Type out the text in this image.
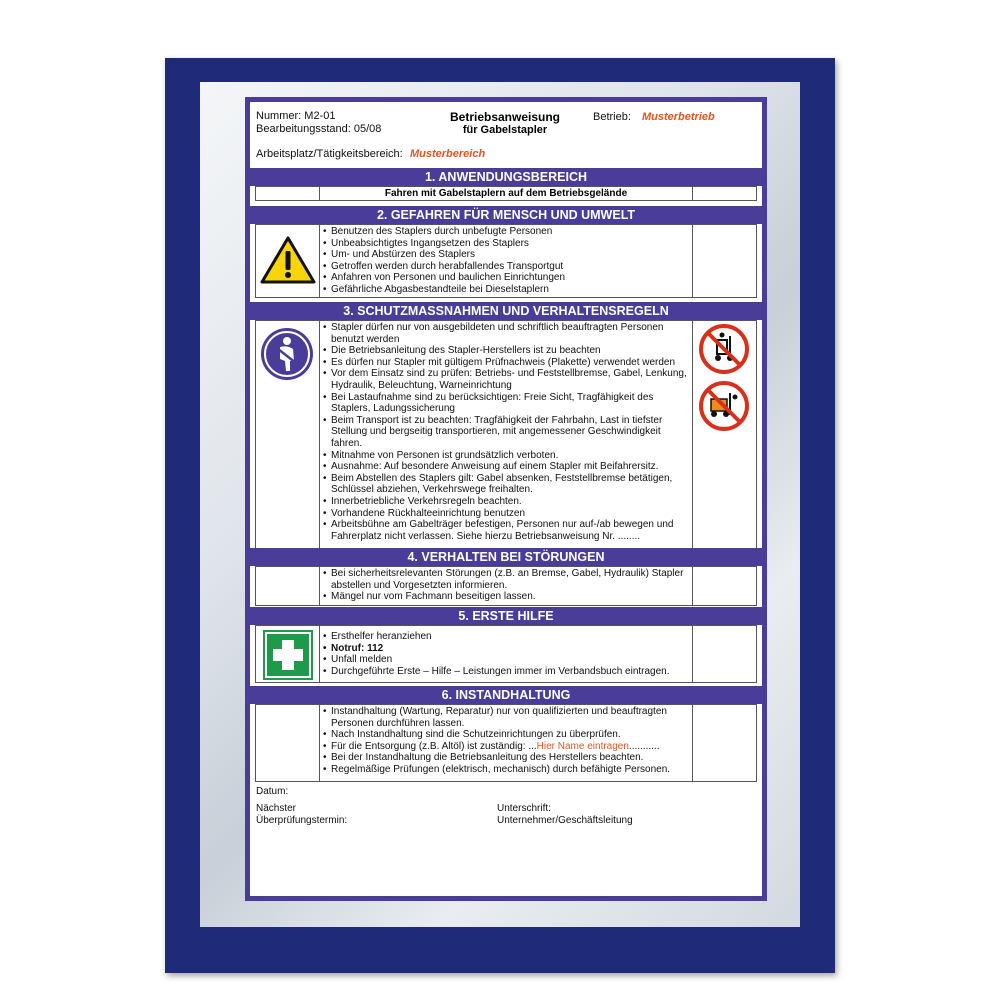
Nummer: M2-01
Bearbeitungsstand: 05/08
Betriebsanweisung
für Gabelstapler
Betrieb: Musterbetrieb
Arbeitsplatz/Tätigkeitsbereich: Musterbereich
1. ANWENDUNGSBEREICH
Fahren mit Gabelstaplern auf dem Betriebsgelände
2. GEFAHREN FÜR MENSCH UND UMWELT
• Benutzen des Staplers durch unbefugte Personen
• Unbeabsichtigtes Ingangsetzen des Staplers
• Um- und Abstürzen des Staplers
• Getroffen werden durch herabfallendes Transportgut
• Anfahren von Personen und baulichen Einrichtungen
• Gefährliche Abgasbestandteile bei Dieselstaplern
3. SCHUTZMASSNAHMEN UND VERHALTENSREGELN
• Stapler dürfen nur von ausgebildeten und schriftlich beauftragten Personen benutzt werden
• Die Betriebsanleitung des Stapler-Herstellers ist zu beachten
• Es dürfen nur Stapler mit gültigem Prüfnachweis (Plakette) verwendet werden
• Vor dem Einsatz sind zu prüfen: Betriebs- und Feststellbremse, Gabel, Lenkung, Hydraulik, Beleuchtung, Warneinrichtung
• Bei Lastaufnahme sind zu berücksichtigen: Freie Sicht, Tragfähigkeit des Staplers, Ladungssicherung
• Beim Transport ist zu beachten: Tragfähigkeit der Fahrbahn, Last in tiefster Stellung und bergseitig transportieren, mit angemessener Geschwindigkeit fahren.
• Mitnahme von Personen ist grundsätzlich verboten.
• Ausnahme: Auf besondere Anweisung auf einem Stapler mit Beifahrersitz.
• Beim Abstellen des Staplers gilt: Gabel absenken, Feststellbremse betätigen, Schlüssel abziehen, Verkehrswege freihalten.
• Innerbetriebliche Verkehrsregeln beachten.
• Vorhandene Rückhalteeinrichtung benutzen
• Arbeitsbühne am Gabelträger befestigen, Personen nur auf-/ab bewegen und Fahrerplatz nicht verlassen. Siehe hierzu Betriebsanweisung Nr. ........
4. VERHALTEN BEI STÖRUNGEN
• Bei sicherheitsrelevanten Störungen (z.B. an Bremse, Gabel, Hydraulik) Stapler abstellen und Vorgesetzten informieren.
• Mängel nur vom Fachmann beseitigen lassen.
5. ERSTE HILFE
• Ersthelfer heranziehen
• Notruf: 112
• Unfall melden
• Durchgeführte Erste – Hilfe – Leistungen immer im Verbandsbuch eintragen.
6. INSTANDHALTUNG
• Instandhaltung (Wartung, Reparatur) nur von qualifizierten und beauftragten Personen durchführen lassen.
• Nach Instandhaltung sind die Schutzeinrichtungen zu überprüfen.
• Für die Entsorgung (z.B. Altöl) ist zuständig: ...Hier Name eintragen...........
• Bei der Instandhaltung die Betriebsanleitung des Herstellers beachten.
• Regelmäßige Prüfungen (elektrisch, mechanisch) durch befähigte Personen.
Datum:
Nächster
Überprüfungstermin:
Unterschrift:
Unternehmer/Geschäftsleitung
